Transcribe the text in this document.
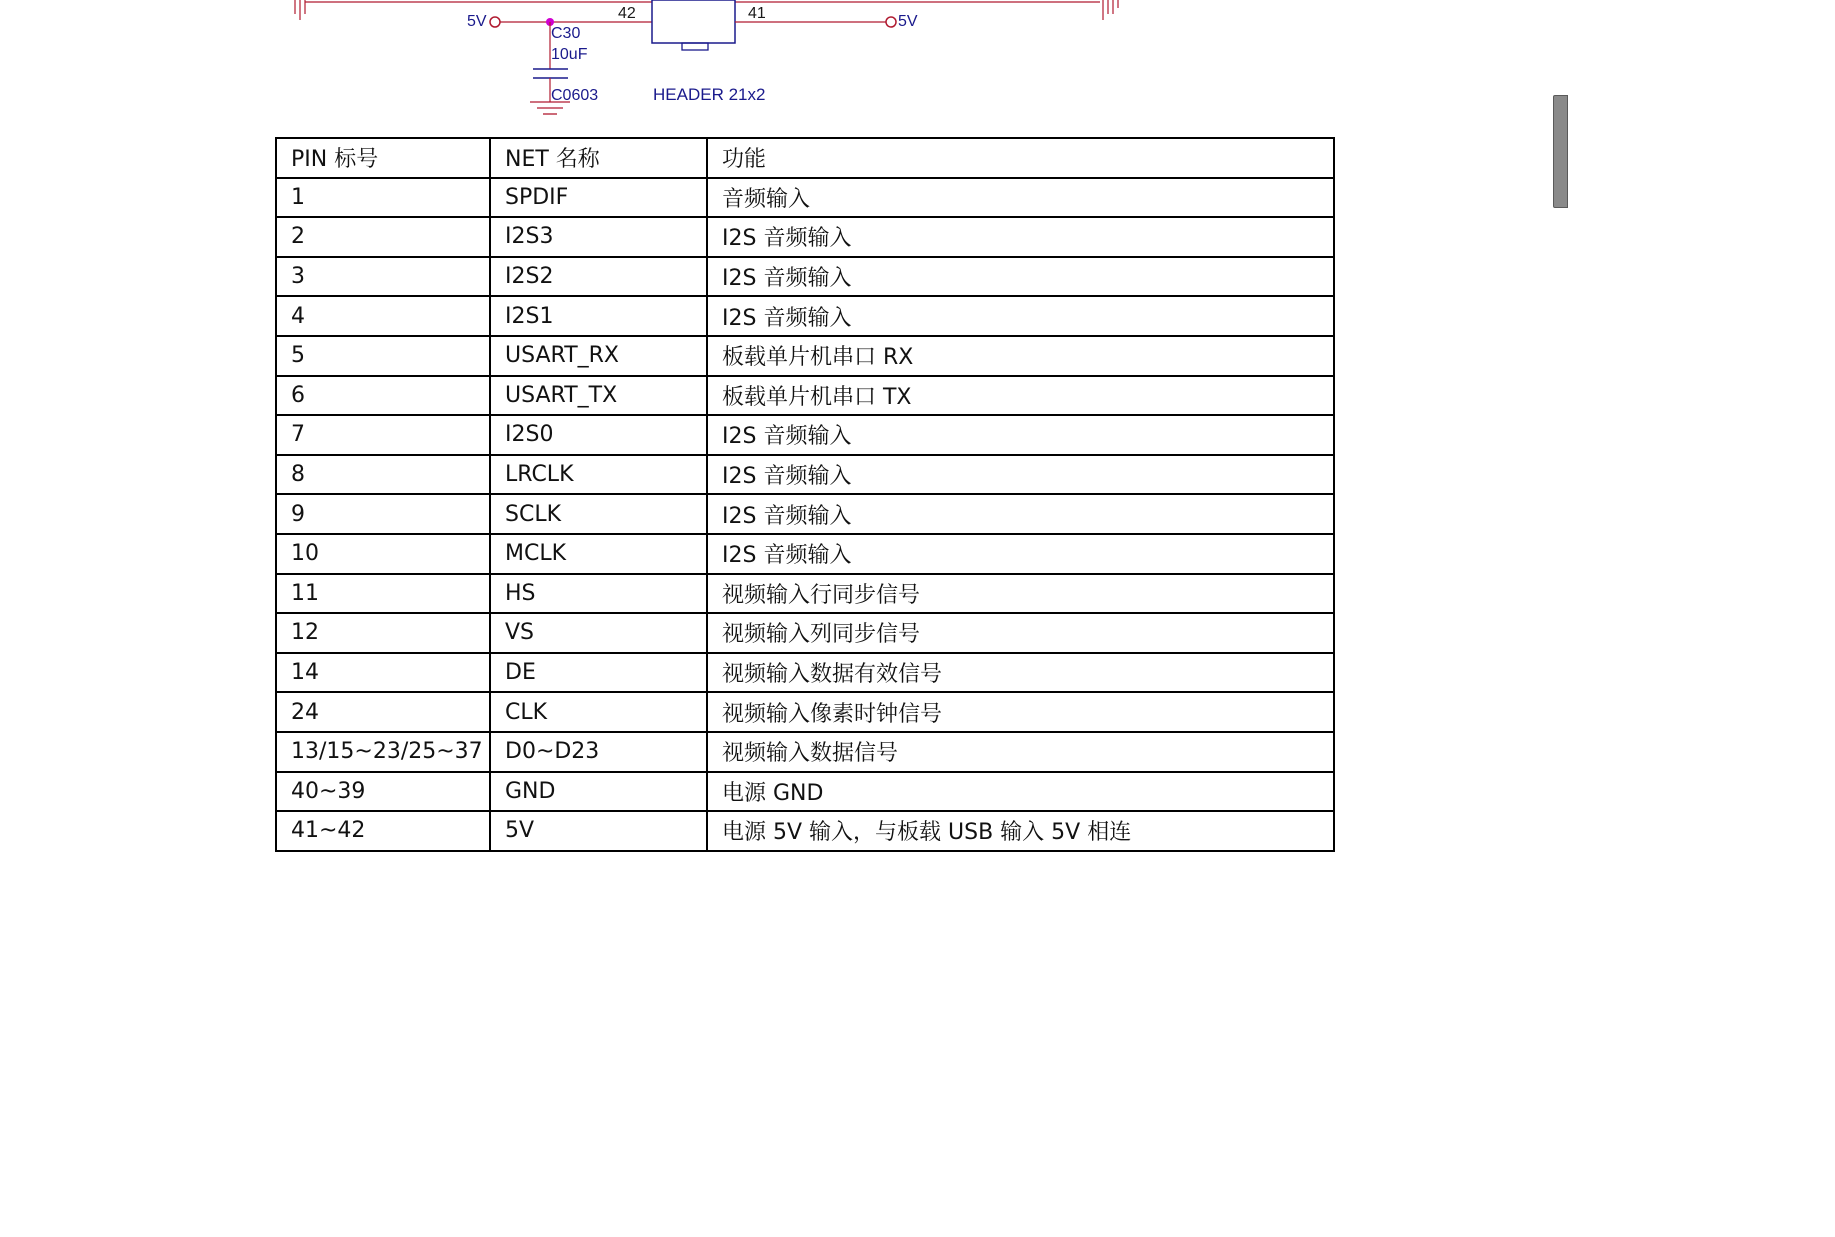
5V	42	41	5V
C30
10uF
C0603	HEADER 21x2
PIN 标号	NET 名称	功能
1	SPDIF	音频输入
2	I2S3	I2S 音频输入
3	I2S2	I2S 音频输入
4	I2S1	I2S 音频输入
5	USART_RX	板载单片机串口 RX
6	USART_TX	板载单片机串口 TX
7	I2S0	I2S 音频输入
8	LRCLK	I2S 音频输入
9	SCLK	I2S 音频输入
10	MCLK	I2S 音频输入
11	HS	视频输入行同步信号
12	VS	视频输入列同步信号
14	DE	视频输入数据有效信号
24	CLK	视频输入像素时钟信号
13/15~23/25~37	D0~D23	视频输入数据信号
40~39	GND	电源 GND
41~42	5V	电源 5V 输入，与板载 USB 输入 5V 相连
